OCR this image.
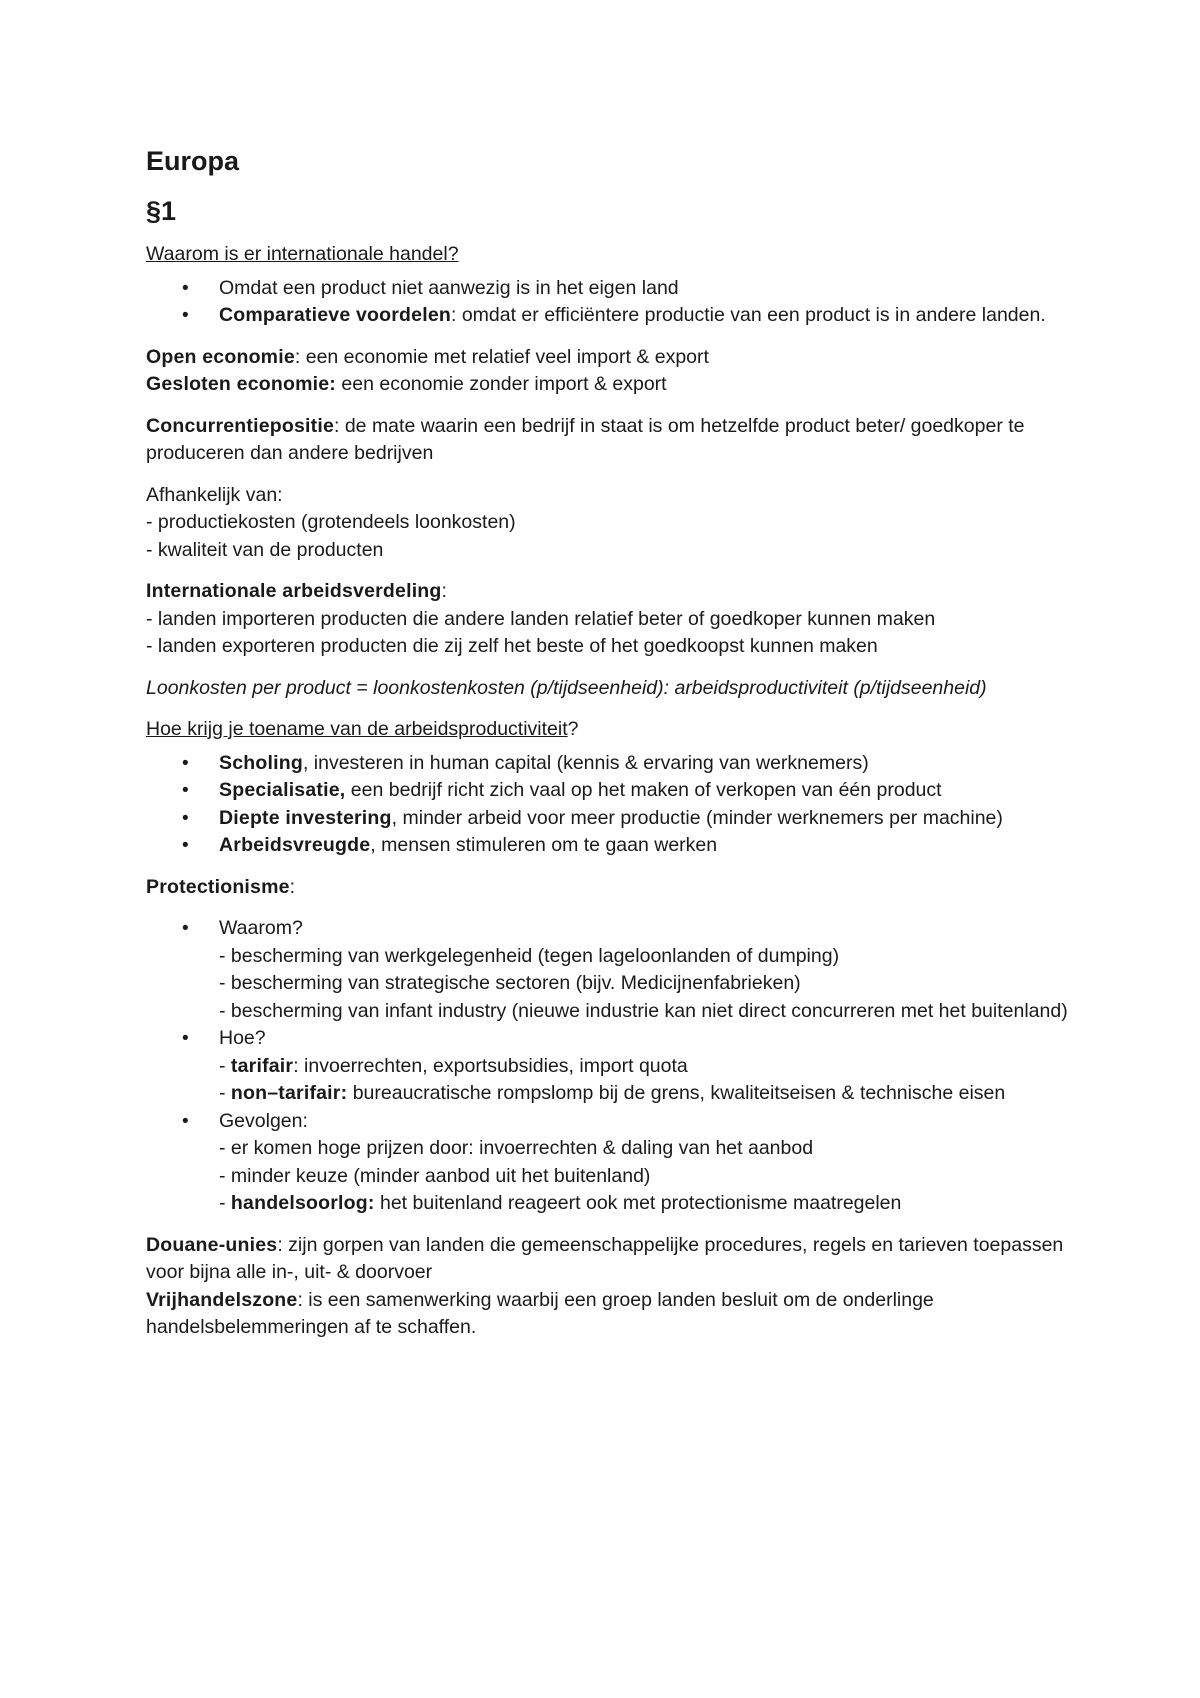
Europa
§1

Waarom is er internationale handel?

• Omdat een product niet aanwezig is in het eigen land
• Comparatieve voordelen: omdat er efficiëntere productie van een product is in andere landen.

Open economie: een economie met relatief veel import & export

Gesloten economie: een economie zonder import & export

Concurrentiepositie: de mate waarin een bedrijf in staat is om hetzelfde product beter/ goedkoper te produceren dan andere bedrijven

Afhankelijk van:
- productiekosten (grotendeels loonkosten)
- kwaliteit van de producten

Internationale arbeidsverdeling:
- landen importeren producten die andere landen relatief beter of goedkoper kunnen maken
- landen exporteren producten die zij zelf het beste of het goedkoopst kunnen maken

Loonkosten per product = loonkostenkosten (p/tijdseenheid): arbeidsproductiviteit (p/tijdseenheid)

Hoe krijg je toename van de arbeidsproductiviteit?

• Scholing, investeren in human capital (kennis & ervaring van werknemers)
• Specialisatie, een bedrijf richt zich vaal op het maken of verkopen van één product
• Diepte investering, minder arbeid voor meer productie (minder werknemers per machine)
• Arbeidsvreugde, mensen stimuleren om te gaan werken

Protectionisme:

• Waarom?
- bescherming van werkgelegenheid (tegen lageloonlanden of dumping)
- bescherming van strategische sectoren (bijv. Medicijnenfabrieken)
- bescherming van infant industry (nieuwe industrie kan niet direct concurreren met het buitenland)
• Hoe?
- tarifair: invoerrechten, exportsubsidies, import quota
- non–tarifair: bureaucratische rompslomp bij de grens, kwaliteitseisen & technische eisen
• Gevolgen:
- er komen hoge prijzen door: invoerrechten & daling van het aanbod
- minder keuze (minder aanbod uit het buitenland)
- handelsoorlog: het buitenland reageert ook met protectionisme maatregelen

Douane-unies: zijn gorpen van landen die gemeenschappelijke procedures, regels en tarieven toepassen voor bijna alle in-, uit- & doorvoer

Vrijhandelszone: is een samenwerking waarbij een groep landen besluit om de onderlinge handelsbelemmeringen af te schaffen.
